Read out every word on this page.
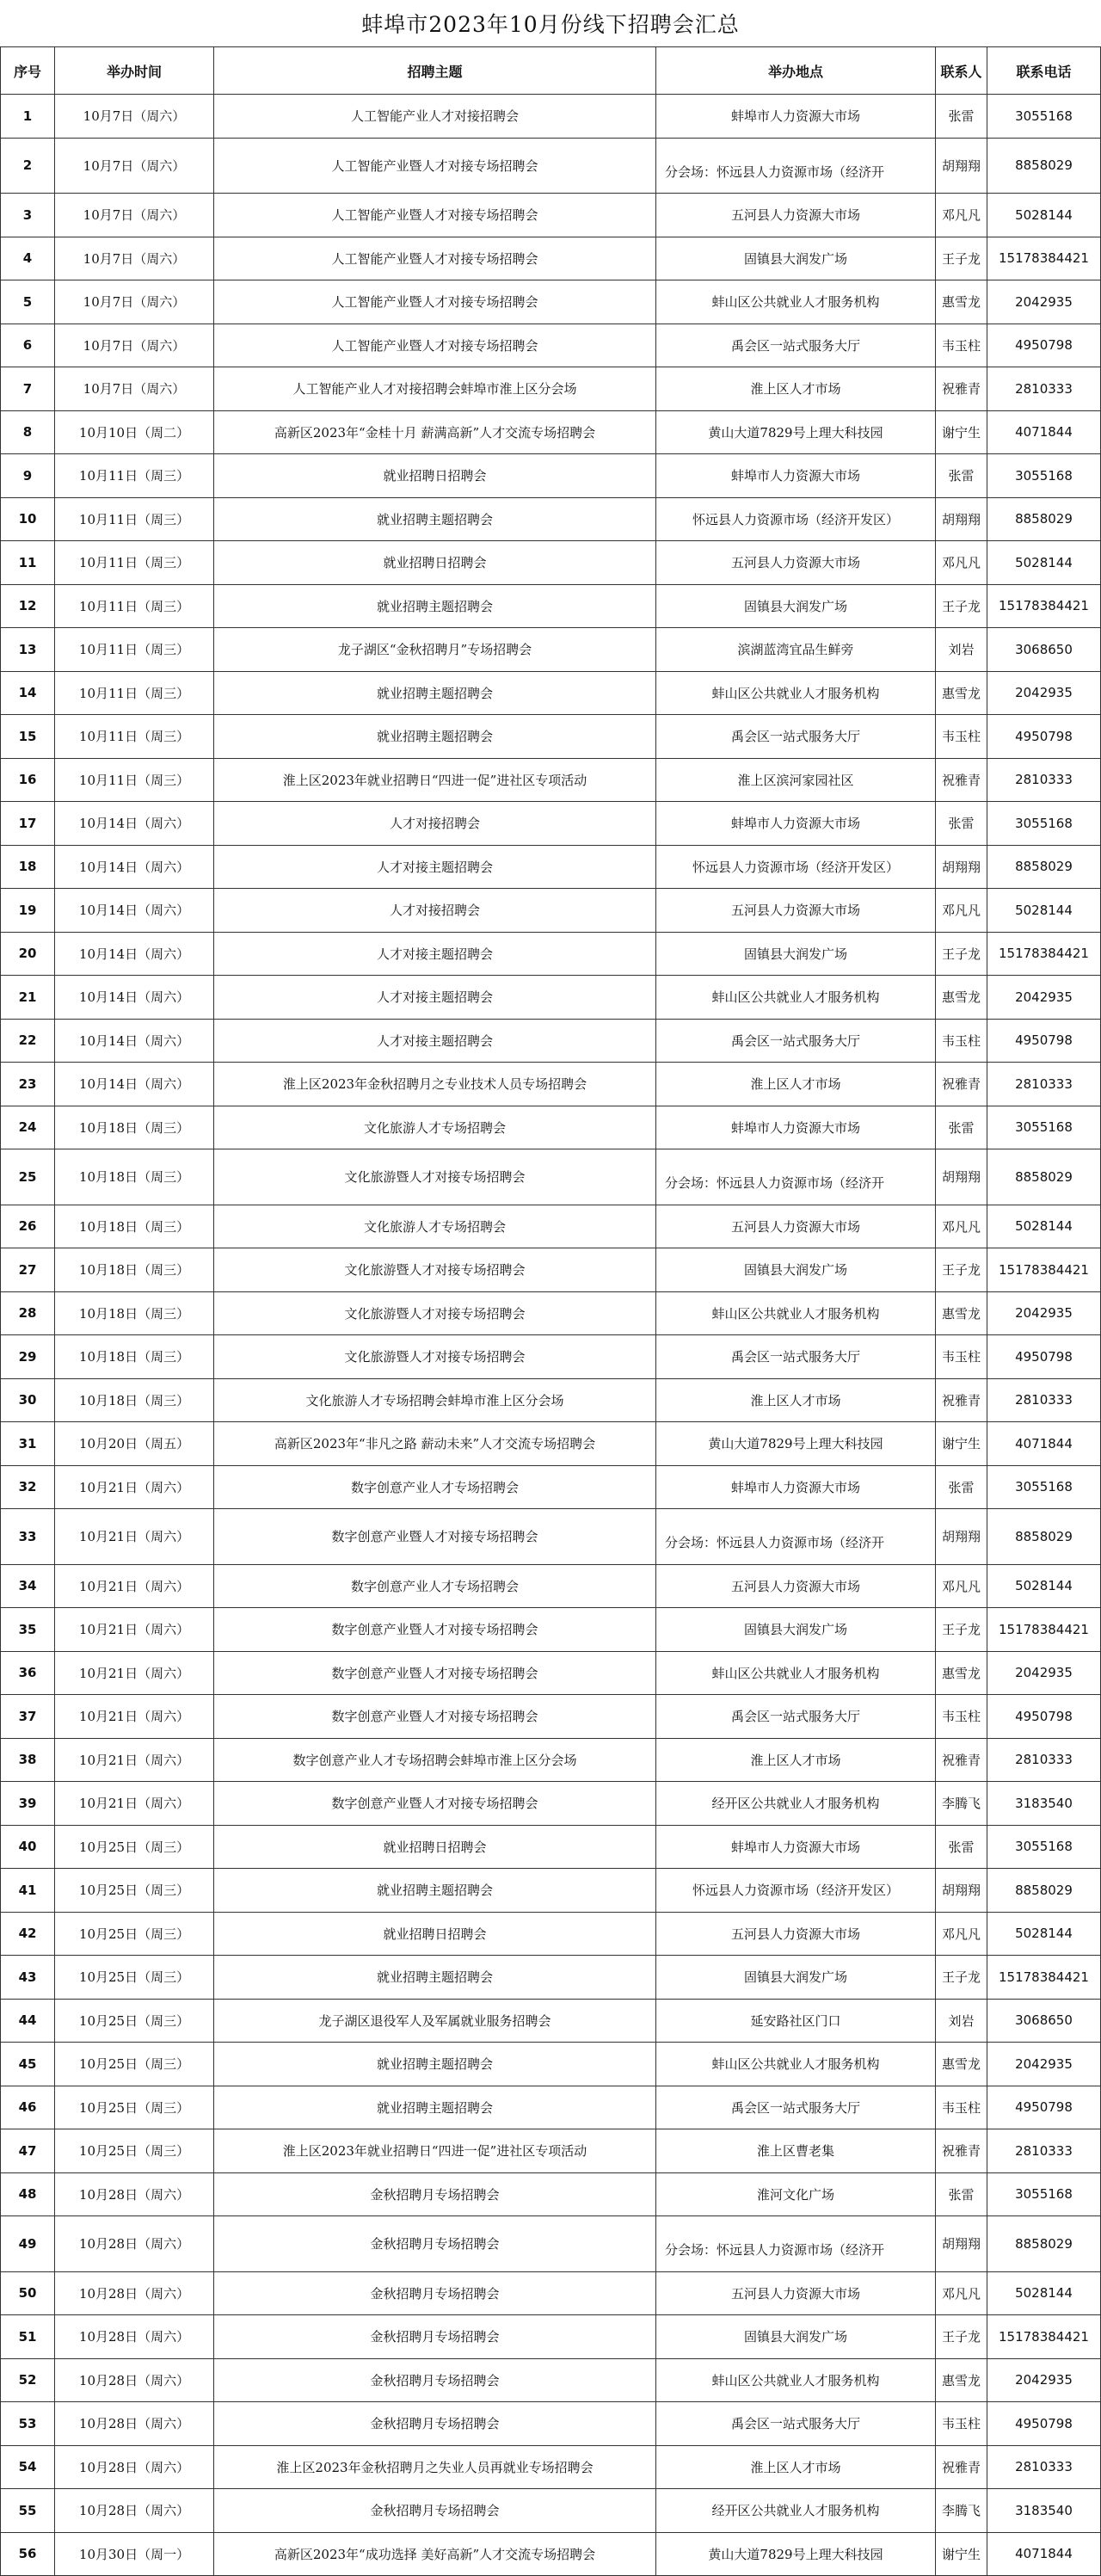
蚌埠市2023年10月份线下招聘会汇总
序号	举办时间	招聘主题	举办地点	联系人	联系电话
1	10月7日（周六）	人工智能产业人才对接招聘会	蚌埠市人力资源大市场	张雷	3055168
2	10月7日（周六）	人工智能产业暨人才对接专场招聘会	分会场：怀远县人力资源市场（经济开	胡翔翔	8858029
3	10月7日（周六）	人工智能产业暨人才对接专场招聘会	五河县人力资源大市场	邓凡凡	5028144
4	10月7日（周六）	人工智能产业暨人才对接专场招聘会	固镇县大润发广场	王子龙	15178384421
5	10月7日（周六）	人工智能产业暨人才对接专场招聘会	蚌山区公共就业人才服务机构	惠雪龙	2042935
6	10月7日（周六）	人工智能产业暨人才对接专场招聘会	禹会区一站式服务大厅	韦玉柱	4950798
7	10月7日（周六）	人工智能产业人才对接招聘会蚌埠市淮上区分会场	淮上区人才市场	祝雅青	2810333
8	10月10日（周二）	高新区2023年“金桂十月 薪满高新”人才交流专场招聘会	黄山大道7829号上理大科技园	谢宁生	4071844
9	10月11日（周三）	就业招聘日招聘会	蚌埠市人力资源大市场	张雷	3055168
10	10月11日（周三）	就业招聘主题招聘会	怀远县人力资源市场（经济开发区）	胡翔翔	8858029
11	10月11日（周三）	就业招聘日招聘会	五河县人力资源大市场	邓凡凡	5028144
12	10月11日（周三）	就业招聘主题招聘会	固镇县大润发广场	王子龙	15178384421
13	10月11日（周三）	龙子湖区“金秋招聘月”专场招聘会	滨湖蓝湾宜品生鲜旁	刘岩	3068650
14	10月11日（周三）	就业招聘主题招聘会	蚌山区公共就业人才服务机构	惠雪龙	2042935
15	10月11日（周三）	就业招聘主题招聘会	禹会区一站式服务大厅	韦玉柱	4950798
16	10月11日（周三）	淮上区2023年就业招聘日“四进一促”进社区专项活动	淮上区滨河家园社区	祝雅青	2810333
17	10月14日（周六）	人才对接招聘会	蚌埠市人力资源大市场	张雷	3055168
18	10月14日（周六）	人才对接主题招聘会	怀远县人力资源市场（经济开发区）	胡翔翔	8858029
19	10月14日（周六）	人才对接招聘会	五河县人力资源大市场	邓凡凡	5028144
20	10月14日（周六）	人才对接主题招聘会	固镇县大润发广场	王子龙	15178384421
21	10月14日（周六）	人才对接主题招聘会	蚌山区公共就业人才服务机构	惠雪龙	2042935
22	10月14日（周六）	人才对接主题招聘会	禹会区一站式服务大厅	韦玉柱	4950798
23	10月14日（周六）	淮上区2023年金秋招聘月之专业技术人员专场招聘会	淮上区人才市场	祝雅青	2810333
24	10月18日（周三）	文化旅游人才专场招聘会	蚌埠市人力资源大市场	张雷	3055168
25	10月18日（周三）	文化旅游暨人才对接专场招聘会	分会场：怀远县人力资源市场（经济开	胡翔翔	8858029
26	10月18日（周三）	文化旅游人才专场招聘会	五河县人力资源大市场	邓凡凡	5028144
27	10月18日（周三）	文化旅游暨人才对接专场招聘会	固镇县大润发广场	王子龙	15178384421
28	10月18日（周三）	文化旅游暨人才对接专场招聘会	蚌山区公共就业人才服务机构	惠雪龙	2042935
29	10月18日（周三）	文化旅游暨人才对接专场招聘会	禹会区一站式服务大厅	韦玉柱	4950798
30	10月18日（周三）	文化旅游人才专场招聘会蚌埠市淮上区分会场	淮上区人才市场	祝雅青	2810333
31	10月20日（周五）	高新区2023年“非凡之路 薪动未来”人才交流专场招聘会	黄山大道7829号上理大科技园	谢宁生	4071844
32	10月21日（周六）	数字创意产业人才专场招聘会	蚌埠市人力资源大市场	张雷	3055168
33	10月21日（周六）	数字创意产业暨人才对接专场招聘会	分会场：怀远县人力资源市场（经济开	胡翔翔	8858029
34	10月21日（周六）	数字创意产业人才专场招聘会	五河县人力资源大市场	邓凡凡	5028144
35	10月21日（周六）	数字创意产业暨人才对接专场招聘会	固镇县大润发广场	王子龙	15178384421
36	10月21日（周六）	数字创意产业暨人才对接专场招聘会	蚌山区公共就业人才服务机构	惠雪龙	2042935
37	10月21日（周六）	数字创意产业暨人才对接专场招聘会	禹会区一站式服务大厅	韦玉柱	4950798
38	10月21日（周六）	数字创意产业人才专场招聘会蚌埠市淮上区分会场	淮上区人才市场	祝雅青	2810333
39	10月21日（周六）	数字创意产业暨人才对接专场招聘会	经开区公共就业人才服务机构	李腾飞	3183540
40	10月25日（周三）	就业招聘日招聘会	蚌埠市人力资源大市场	张雷	3055168
41	10月25日（周三）	就业招聘主题招聘会	怀远县人力资源市场（经济开发区）	胡翔翔	8858029
42	10月25日（周三）	就业招聘日招聘会	五河县人力资源大市场	邓凡凡	5028144
43	10月25日（周三）	就业招聘主题招聘会	固镇县大润发广场	王子龙	15178384421
44	10月25日（周三）	龙子湖区退役军人及军属就业服务招聘会	延安路社区门口	刘岩	3068650
45	10月25日（周三）	就业招聘主题招聘会	蚌山区公共就业人才服务机构	惠雪龙	2042935
46	10月25日（周三）	就业招聘主题招聘会	禹会区一站式服务大厅	韦玉柱	4950798
47	10月25日（周三）	淮上区2023年就业招聘日“四进一促”进社区专项活动	淮上区曹老集	祝雅青	2810333
48	10月28日（周六）	金秋招聘月专场招聘会	淮河文化广场	张雷	3055168
49	10月28日（周六）	金秋招聘月专场招聘会	分会场：怀远县人力资源市场（经济开	胡翔翔	8858029
50	10月28日（周六）	金秋招聘月专场招聘会	五河县人力资源大市场	邓凡凡	5028144
51	10月28日（周六）	金秋招聘月专场招聘会	固镇县大润发广场	王子龙	15178384421
52	10月28日（周六）	金秋招聘月专场招聘会	蚌山区公共就业人才服务机构	惠雪龙	2042935
53	10月28日（周六）	金秋招聘月专场招聘会	禹会区一站式服务大厅	韦玉柱	4950798
54	10月28日（周六）	淮上区2023年金秋招聘月之失业人员再就业专场招聘会	淮上区人才市场	祝雅青	2810333
55	10月28日（周六）	金秋招聘月专场招聘会	经开区公共就业人才服务机构	李腾飞	3183540
56	10月30日（周一）	高新区2023年“成功选择 美好高新”人才交流专场招聘会	黄山大道7829号上理大科技园	谢宁生	4071844
